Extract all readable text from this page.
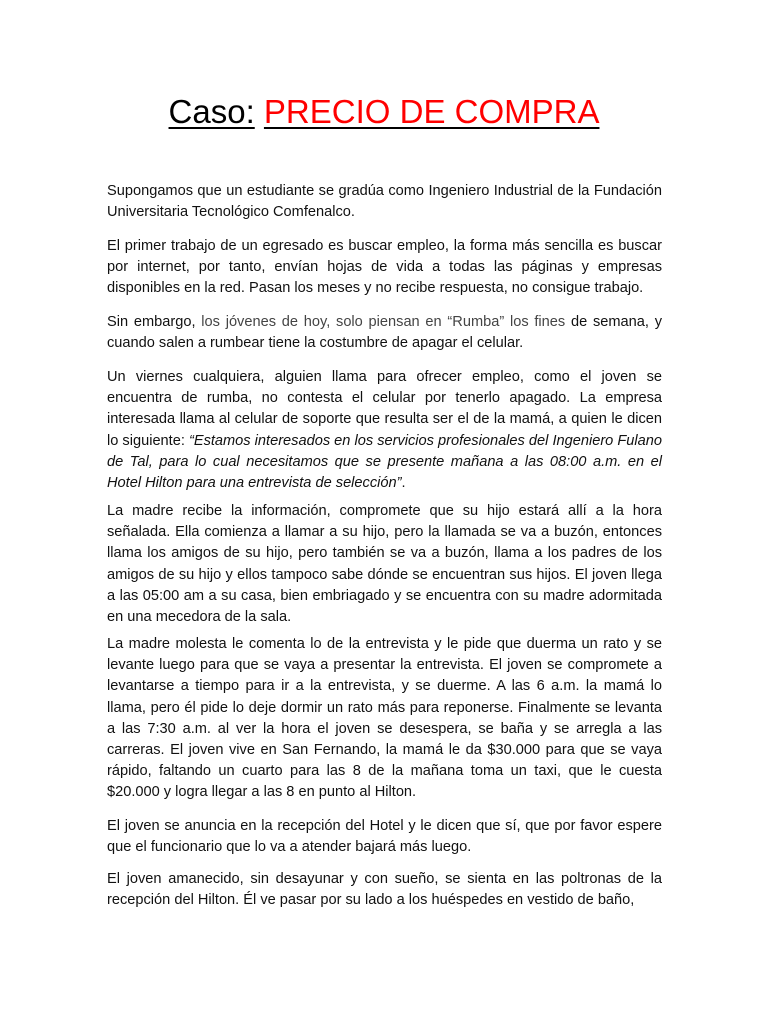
Caso: PRECIO DE COMPRA

Supongamos que un estudiante se gradúa como Ingeniero Industrial de la Fundación Universitaria Tecnológico Comfenalco.

El primer trabajo de un egresado es buscar empleo, la forma más sencilla es buscar por internet, por tanto, envían hojas de vida a todas las páginas y empresas disponibles en la red. Pasan los meses y no recibe respuesta, no consigue trabajo.

Sin embargo, los jóvenes de hoy, solo piensan en “Rumba” los fines de semana, y cuando salen a rumbear tiene la costumbre de apagar el celular.

Un viernes cualquiera, alguien llama para ofrecer empleo, como el joven se encuentra de rumba, no contesta el celular por tenerlo apagado. La empresa interesada llama al celular de soporte que resulta ser el de la mamá, a quien le dicen lo siguiente: “Estamos interesados en los servicios profesionales del Ingeniero Fulano de Tal, para lo cual necesitamos que se presente mañana a las 08:00 a.m. en el Hotel Hilton para una entrevista de selección”.

La madre recibe la información, compromete que su hijo estará allí a la hora señalada. Ella comienza a llamar a su hijo, pero la llamada se va a buzón, entonces llama los amigos de su hijo, pero también se va a buzón, llama a los padres de los amigos de su hijo y ellos tampoco sabe dónde se encuentran sus hijos. El joven llega a las 05:00 am a su casa, bien embriagado y se encuentra con su madre adormitada en una mecedora de la sala.

La madre molesta le comenta lo de la entrevista y le pide que duerma un rato y se levante luego para que se vaya a presentar la entrevista. El joven se compromete a levantarse a tiempo para ir a la entrevista, y se duerme. A las 6 a.m. la mamá lo llama, pero él pide lo deje dormir un rato más para reponerse. Finalmente se levanta a las 7:30 a.m. al ver la hora el joven se desespera, se baña y se arregla a las carreras. El joven vive en San Fernando, la mamá le da $30.000 para que se vaya rápido, faltando un cuarto para las 8 de la mañana toma un taxi, que le cuesta $20.000 y logra llegar a las 8 en punto al Hilton.

El joven se anuncia en la recepción del Hotel y le dicen que sí, que por favor espere que el funcionario que lo va a atender bajará más luego.

El joven amanecido, sin desayunar y con sueño, se sienta en las poltronas de la recepción del Hilton. Él ve pasar por su lado a los huéspedes en vestido de baño,
